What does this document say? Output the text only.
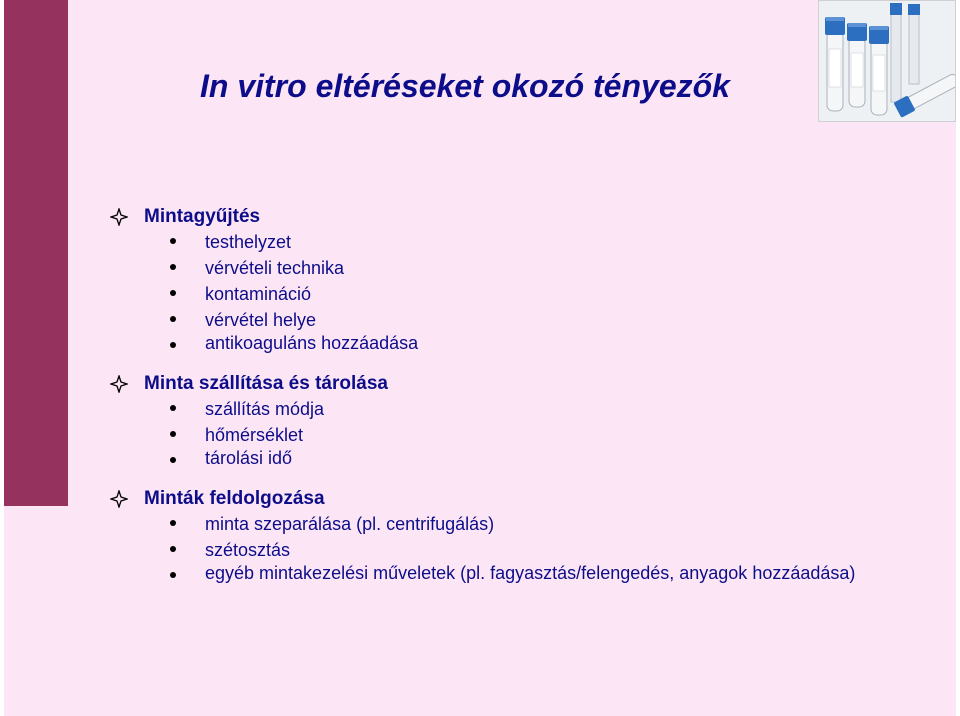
In vitro eltéréseket okozó tényezők
Mintagyűjtés
testhelyzet
vérvételi technika
kontamináció
vérvétel helye
antikoaguláns hozzáadása
Minta szállítása és tárolása
szállítás módja
hőmérséklet
tárolási idő
Minták feldolgozása
minta szeparálása (pl. centrifugálás)
szétosztás
egyéb mintakezelési műveletek (pl. fagyasztás/felengedés, anyagok hozzáadása)
